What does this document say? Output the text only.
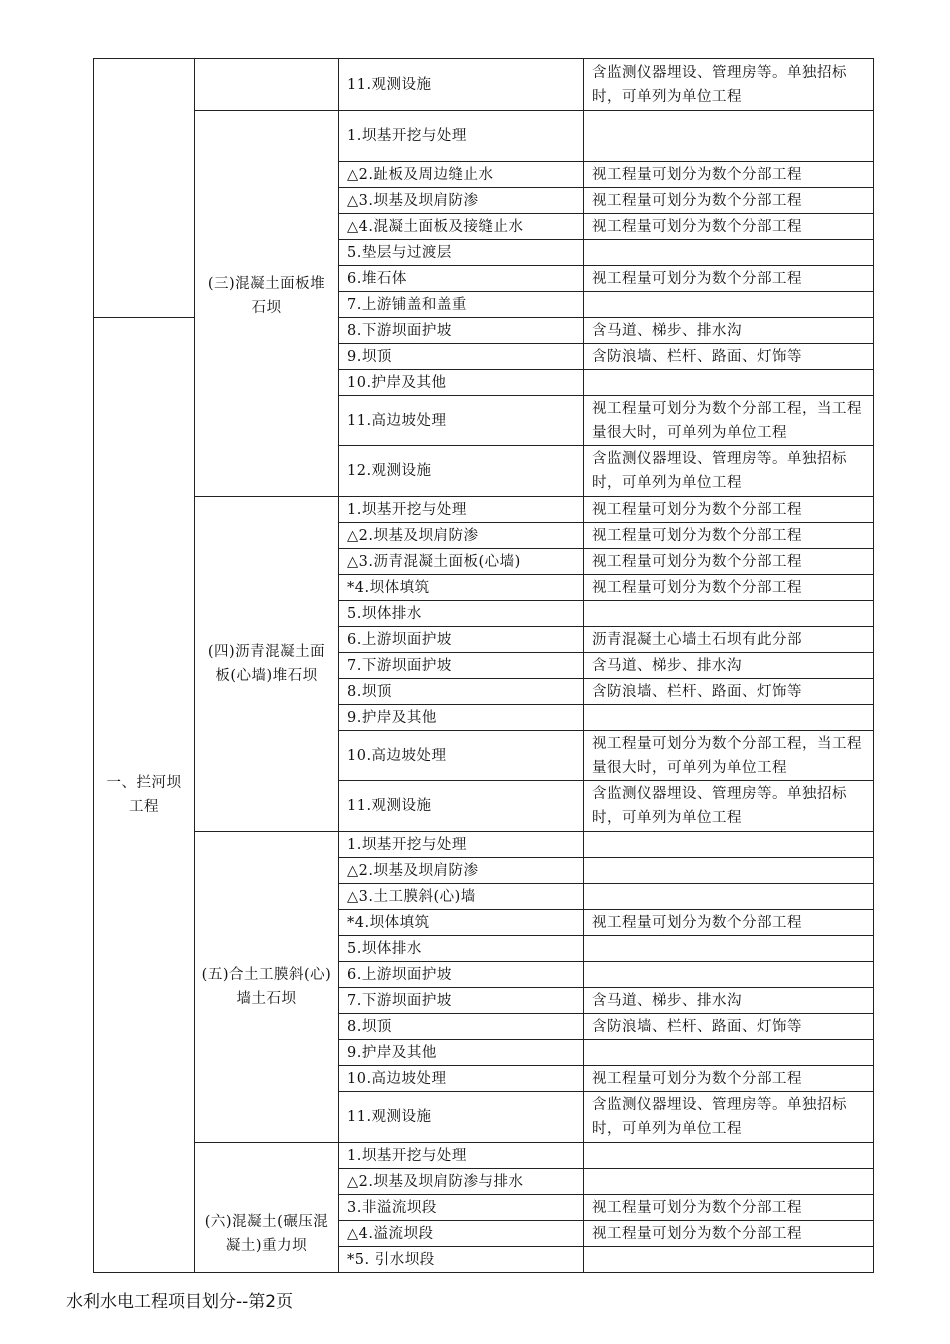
		11.观测设施	含监测仪器埋设、管理房等。单独招标时，可单列为单位工程
	(三)混凝土面板堆石坝	1.坝基开挖与处理	
		△2.趾板及周边缝止水	视工程量可划分为数个分部工程
		△3.坝基及坝肩防渗	视工程量可划分为数个分部工程
		△4.混凝土面板及接缝止水	视工程量可划分为数个分部工程
		5.垫层与过渡层	
		6.堆石体	视工程量可划分为数个分部工程
		7.上游铺盖和盖重	
一、拦河坝工程		8.下游坝面护坡	含马道、梯步、排水沟
		9.坝顶	含防浪墙、栏杆、路面、灯饰等
		10.护岸及其他	
		11.高边坡处理	视工程量可划分为数个分部工程，当工程量很大时，可单列为单位工程
		12.观测设施	含监测仪器埋设、管理房等。单独招标时，可单列为单位工程
	(四)沥青混凝土面板(心墙)堆石坝	1.坝基开挖与处理	视工程量可划分为数个分部工程
		△2.坝基及坝肩防渗	视工程量可划分为数个分部工程
		△3.沥青混凝土面板(心墙)	视工程量可划分为数个分部工程
		*4.坝体填筑	视工程量可划分为数个分部工程
		5.坝体排水	
		6.上游坝面护坡	沥青混凝土心墙土石坝有此分部
		7.下游坝面护坡	含马道、梯步、排水沟
		8.坝顶	含防浪墙、栏杆、路面、灯饰等
		9.护岸及其他	
		10.高边坡处理	视工程量可划分为数个分部工程，当工程量很大时，可单列为单位工程
		11.观测设施	含监测仪器埋设、管理房等。单独招标时，可单列为单位工程
	(五)合土工膜斜(心)墙土石坝	1.坝基开挖与处理	
		△2.坝基及坝肩防渗	
		△3.土工膜斜(心)墙	
		*4.坝体填筑	视工程量可划分为数个分部工程
		5.坝体排水	
		6.上游坝面护坡	
		7.下游坝面护坡	含马道、梯步、排水沟
		8.坝顶	含防浪墙、栏杆、路面、灯饰等
		9.护岸及其他	
		10.高边坡处理	视工程量可划分为数个分部工程
		11.观测设施	含监测仪器埋设、管理房等。单独招标时，可单列为单位工程
	(六)混凝土(碾压混凝土)重力坝	1.坝基开挖与处理	
		△2.坝基及坝肩防渗与排水	
		3.非溢流坝段	视工程量可划分为数个分部工程
		△4.溢流坝段	视工程量可划分为数个分部工程
		*5. 引水坝段	
水利水电工程项目划分--第2页
